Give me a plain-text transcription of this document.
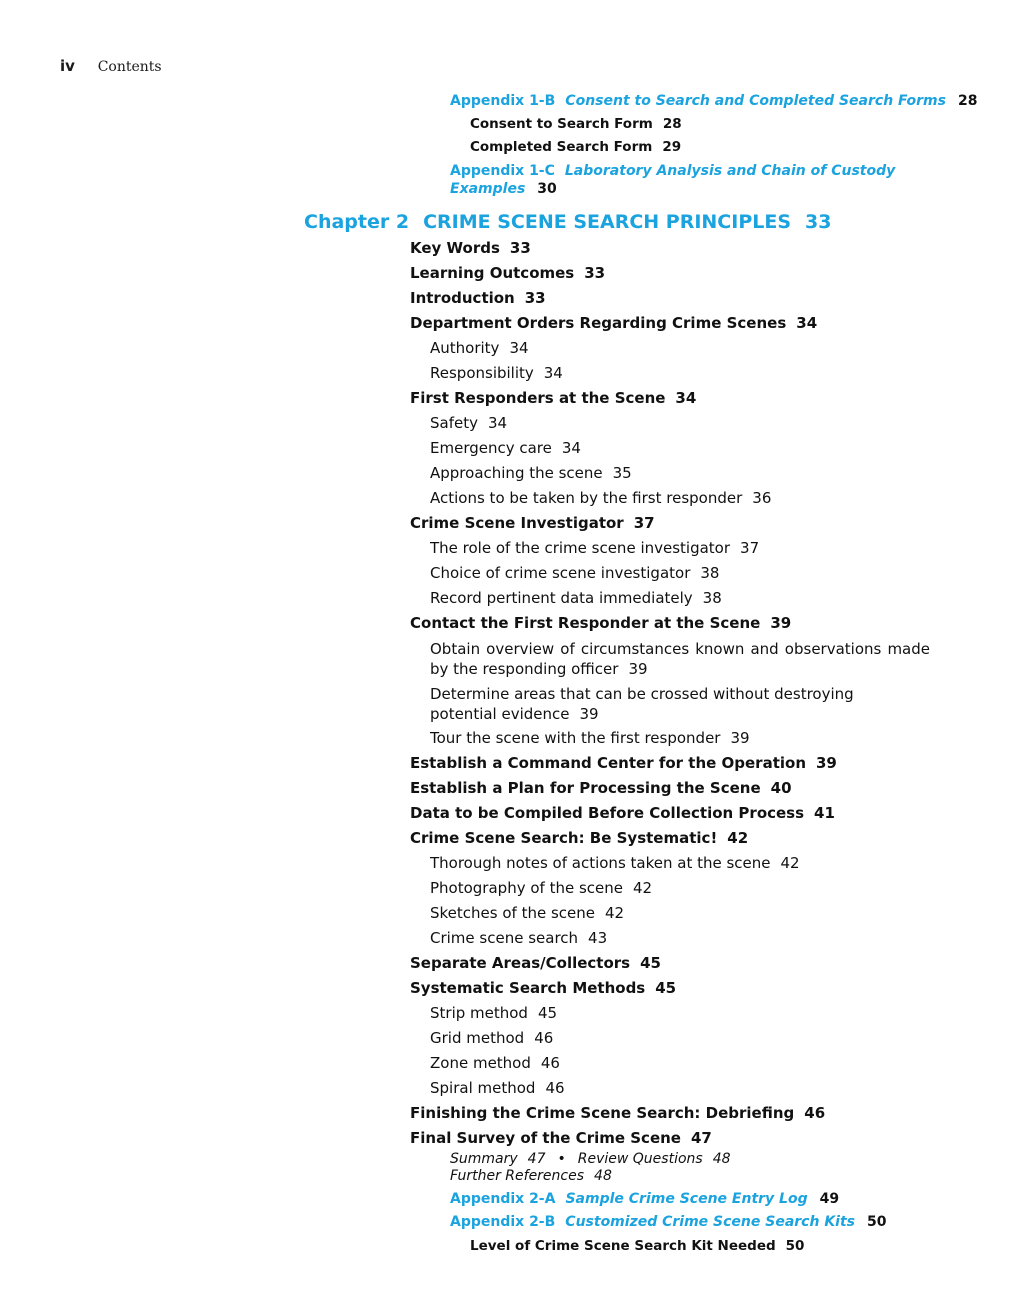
iv Contents
Appendix 1-B Consent to Search and Completed Search Forms 28
Consent to Search Form 28
Completed Search Form 29
Appendix 1-C Laboratory Analysis and Chain of Custody
Examples 30
Chapter 2 CRIME SCENE SEARCH PRINCIPLES 33
Key Words 33
Learning Outcomes 33
Introduction 33
Department Orders Regarding Crime Scenes 34
Authority 34
Responsibility 34
First Responders at the Scene 34
Safety 34
Emergency care 34
Approaching the scene 35
Actions to be taken by the first responder 36
Crime Scene Investigator 37
The role of the crime scene investigator 37
Choice of crime scene investigator 38
Record pertinent data immediately 38
Contact the First Responder at the Scene 39
Obtain overview of circumstances known and observations made by the responding officer 39
Determine areas that can be crossed without destroying potential evidence 39
Tour the scene with the first responder 39
Establish a Command Center for the Operation 39
Establish a Plan for Processing the Scene 40
Data to be Compiled Before Collection Process 41
Crime Scene Search: Be Systematic! 42
Thorough notes of actions taken at the scene 42
Photography of the scene 42
Sketches of the scene 42
Crime scene search 43
Separate Areas/Collectors 45
Systematic Search Methods 45
Strip method 45
Grid method 46
Zone method 46
Spiral method 46
Finishing the Crime Scene Search: Debriefing 46
Final Survey of the Crime Scene 47
Summary 47 • Review Questions 48
Further References 48
Appendix 2-A Sample Crime Scene Entry Log 49
Appendix 2-B Customized Crime Scene Search Kits 50
Level of Crime Scene Search Kit Needed 50
